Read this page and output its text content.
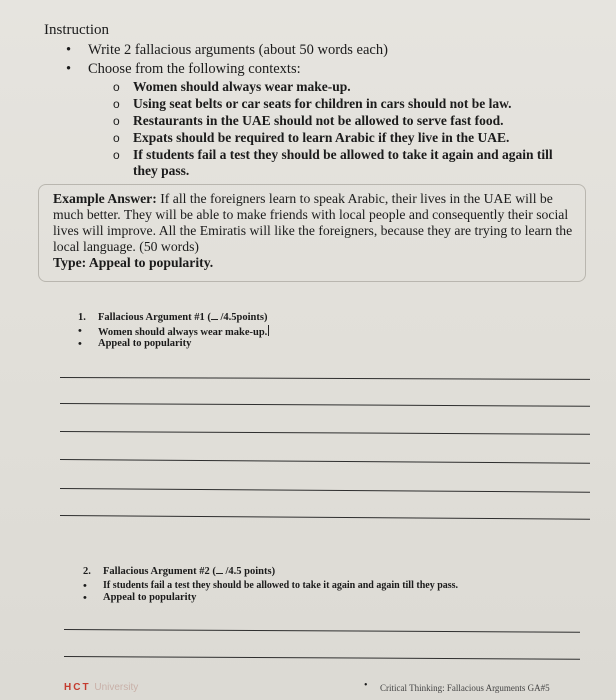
Instruction
• Write 2 fallacious arguments (about 50 words each)
• Choose from the following contexts:
o Women should always wear make-up.
o Using seat belts or car seats for children in cars should not be law.
o Restaurants in the UAE should not be allowed to serve fast food.
o Expats should be required to learn Arabic if they live in the UAE.
o If students fail a test they should be allowed to take it again and again till
they pass.
Example Answer: If all the foreigners learn to speak Arabic, their lives in the UAE will be
much better. They will be able to make friends with local people and consequently their social
lives will improve. All the Emiratis will like the foreigners, because they are trying to learn the
local language. (50 words)
Type: Appeal to popularity.
1. Fallacious Argument #1 ( /4.5points)
• Women should always wear make-up.
• Appeal to popularity
2. Fallacious Argument #2 ( /4.5 points)
• If students fail a test they should be allowed to take it again and again till they pass.
• Appeal to popularity
HCT University	• Critical Thinking: Fallacious Arguments GA#5
